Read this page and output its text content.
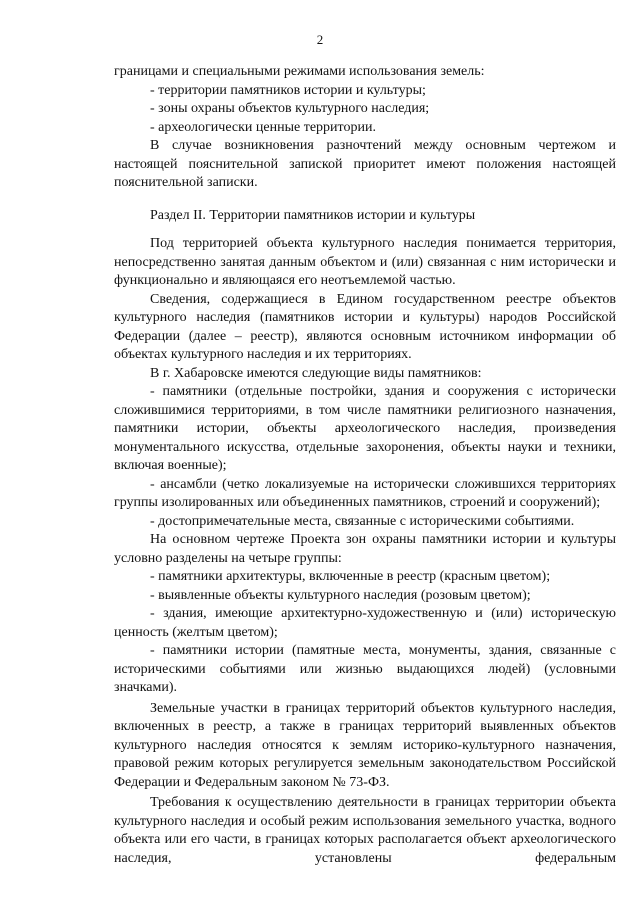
2

границами и специальными режимами использования земель:

- территории памятников истории и культуры;

- зоны охраны объектов культурного наследия;

- археологически ценные территории.

В случае возникновения разночтений между основным чертежом и настоящей пояснительной запиской приоритет имеют положения настоящей пояснительной записки.

Раздел II. Территории памятников истории и культуры

Под территорией объекта культурного наследия понимается территория, непосредственно занятая данным объектом и (или) связанная с ним исторически и функционально и являющаяся его неотъемлемой частью.

Сведения, содержащиеся в Едином государственном реестре объектов культурного наследия (памятников истории и культуры) народов Российской Федерации (далее – реестр), являются основным источником информации об объектах культурного наследия и их территориях.

В г. Хабаровске имеются следующие виды памятников:

- памятники (отдельные постройки, здания и сооружения с исторически сложившимися территориями, в том числе памятники религиозного назначения, памятники истории, объекты археологического наследия, произведения монументального искусства, отдельные захоронения, объекты науки и техники, включая военные);

- ансамбли (четко локализуемые на исторически сложившихся территориях группы изолированных или объединенных памятников, строений и сооружений);

- достопримечательные места, связанные с историческими событиями.

На основном чертеже Проекта зон охраны памятники истории и культуры условно разделены на четыре группы:

- памятники архитектуры, включенные в реестр (красным цветом);

- выявленные объекты культурного наследия (розовым цветом);

- здания, имеющие архитектурно-художественную и (или) историческую ценность (желтым цветом);

- памятники истории (памятные места, монументы, здания, связанные с историческими событиями или жизнью выдающихся людей) (условными значками).

Земельные участки в границах территорий объектов культурного наследия, включенных в реестр, а также в границах территорий выявленных объектов культурного наследия относятся к землям историко-культурного назначения, правовой режим которых регулируется земельным законодательством Российской Федерации и Федеральным законом № 73-ФЗ.

Требования к осуществлению деятельности в границах территории объекта культурного наследия и особый режим использования земельного участка, водного объекта или его части, в границах которых располагается объект археологического наследия, установлены федеральным
